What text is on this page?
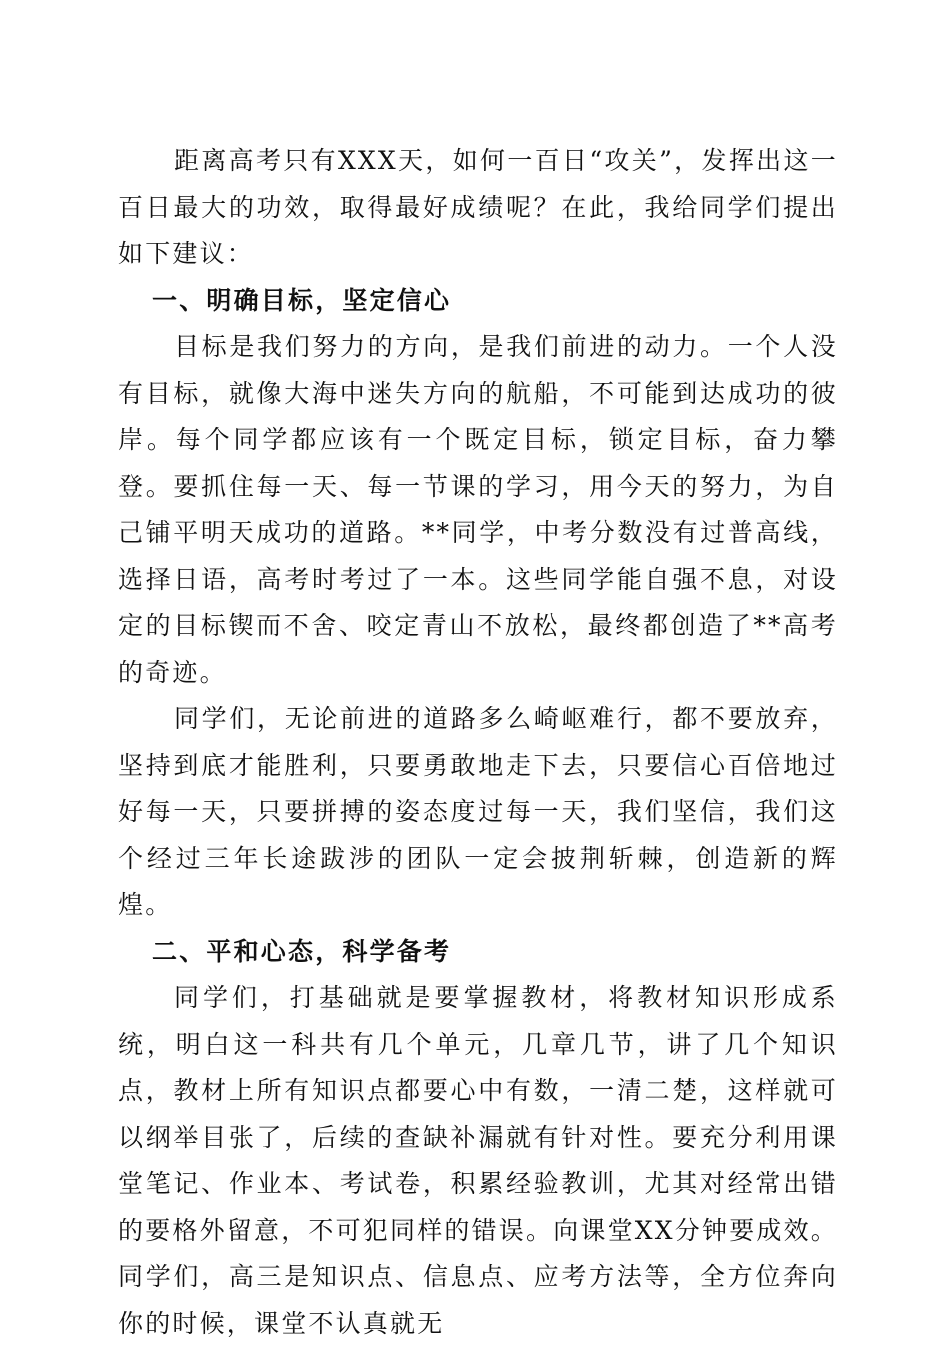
距离高考只有XXX天，如何一百日“攻关”，发挥出这一百日最大的功效，取得最好成绩呢？在此，我给同学们提出如下建议：

一、明确目标，坚定信心

目标是我们努力的方向，是我们前进的动力。一个人没有目标，就像大海中迷失方向的航船，不可能到达成功的彼岸。每个同学都应该有一个既定目标，锁定目标，奋力攀登。要抓住每一天、每一节课的学习，用今天的努力，为自己铺平明天成功的道路。**同学，中考分数没有过普高线，选择日语，高考时考过了一本。这些同学能自强不息，对设定的目标锲而不舍、咬定青山不放松，最终都创造了**高考的奇迹。

同学们，无论前进的道路多么崎岖难行，都不要放弃，坚持到底才能胜利，只要勇敢地走下去，只要信心百倍地过好每一天，只要拼搏的姿态度过每一天，我们坚信，我们这个经过三年长途跋涉的团队一定会披荆斩棘，创造新的辉煌。

二、平和心态，科学备考

同学们，打基础就是要掌握教材，将教材知识形成系统，明白这一科共有几个单元，几章几节，讲了几个知识点，教材上所有知识点都要心中有数，一清二楚，这样就可以纲举目张了，后续的查缺补漏就有针对性。要充分利用课堂笔记、作业本、考试卷，积累经验教训，尤其对经常出错的要格外留意，不可犯同样的错误。向课堂XX分钟要成效。同学们，高三是知识点、信息点、应考方法等，全方位奔向你的时候，课堂不认真就无
